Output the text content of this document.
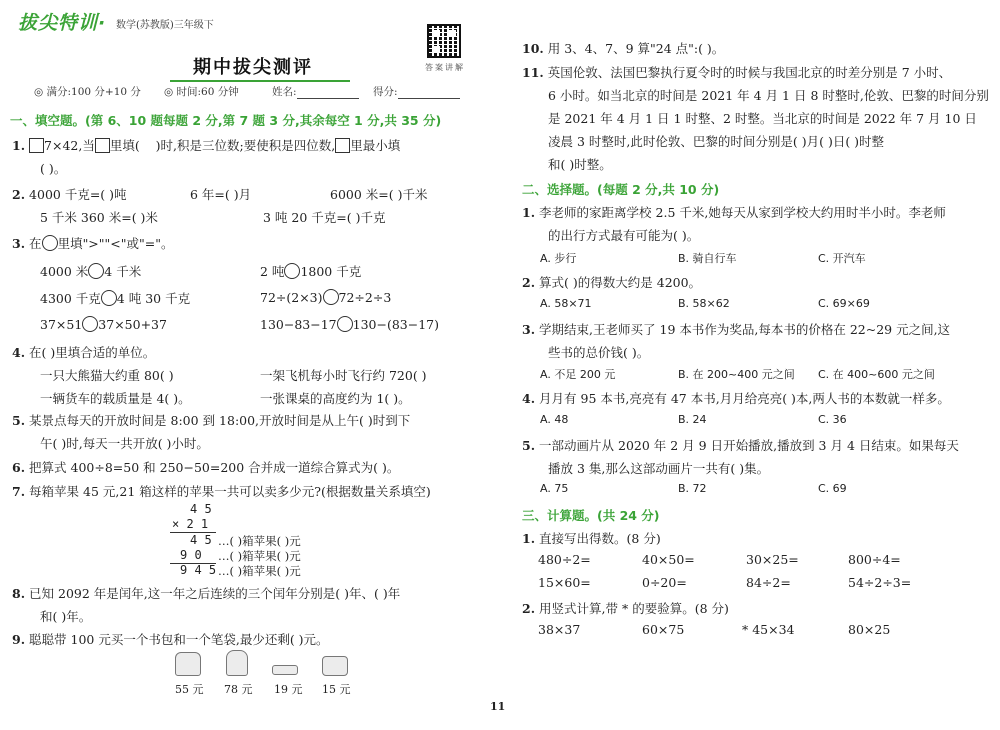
拔尖特训· 数学(苏教版)三年级下
答案讲解
期中拔尖测评
◎ 满分:100 分+10 分 ◎ 时间:60 分钟	姓名:	得分:
一、填空题。(第 6、10 题每题 2 分,第 7 题 3 分,其余每空 1 分,共 35 分)
1. 7×42,当 里填( )时,积是三位数;要使积是四位数, 里最小填
( )。
2. 4000 千克=( )吨	6 年=( )月	6000 米=( )千米
5 千米 360 米=( )米	3 吨 20 千克=( )千克
3. 在 里填">""<"或"="。
4000 米 4 千米	2 吨 1800 千克
4300 千克 4 吨 30 千克	72÷(2×3) 72÷2÷3
37×51 37×50+37	130−83−17 130−(83−17)
4. 在( )里填合适的单位。
一只大熊猫大约重 80( )	一架飞机每小时飞行约 720( )
一辆货车的载质量是 4( )。	一张课桌的高度约为 1( )。
5. 某景点每天的开放时间是 8:00 到 18:00,开放时间是从上午( )时到下
午( )时,每天一共开放( )小时。
6. 把算式 400÷8=50 和 250−50=200 合并成一道综合算式为( )。
7. 每箱苹果 45 元,21 箱这样的苹果一共可以卖多少元?(根据数量关系填空)
4 5
× 2 1
4 5 …( )箱苹果( )元
9 0 …( )箱苹果( )元
9 4 5 …( )箱苹果( )元
8. 已知 2092 年是闰年,这一年之后连续的三个闰年分别是( )年、( )年
和( )年。
9. 聪聪带 100 元买一个书包和一个笔袋,最少还剩( )元。
55 元 78 元 19 元 15 元
10. 用 3、4、7、9 算"24 点":( )。
11. 英国伦敦、法国巴黎执行夏令时的时候与我国北京的时差分别是 7 小时、
6 小时。如当北京的时间是 2021 年 4 月 1 日 8 时整时,伦敦、巴黎的时间分别
是 2021 年 4 月 1 日 1 时整、2 时整。当北京的时间是 2022 年 7 月 10 日
凌晨 3 时整时,此时伦敦、巴黎的时间分别是( )月( )日( )时整
和( )时整。
二、选择题。(每题 2 分,共 10 分)
1. 李老师的家距离学校 2.5 千米,她每天从家到学校大约用时半小时。李老师
的出行方式最有可能为( )。
A. 步行	B. 骑自行车	C. 开汽车
2. 算式( )的得数大约是 4200。
A. 58×71	B. 58×62	C. 69×69
3. 学期结束,王老师买了 19 本书作为奖品,每本书的价格在 22~29 元之间,这
些书的总价钱( )。
A. 不足 200 元	B. 在 200~400 元之间 C. 在 400~600 元之间
4. 月月有 95 本书,亮亮有 47 本书,月月给亮亮( )本,两人书的本数就一样多。
A. 48	B. 24	C. 36
5. 一部动画片从 2020 年 2 月 9 日开始播放,播放到 3 月 4 日结束。如果每天
播放 3 集,那么这部动画片一共有( )集。
A. 75	B. 72	C. 69
三、计算题。(共 24 分)
1. 直接写出得数。(8 分)
480÷2=	40×50=	30×25=	800÷4=
15×60=	0÷20=	84÷2=	54÷2÷3=
2. 用竖式计算,带 * 的要验算。(8 分)
38×37	60×75	* 45×34	80×25
11
